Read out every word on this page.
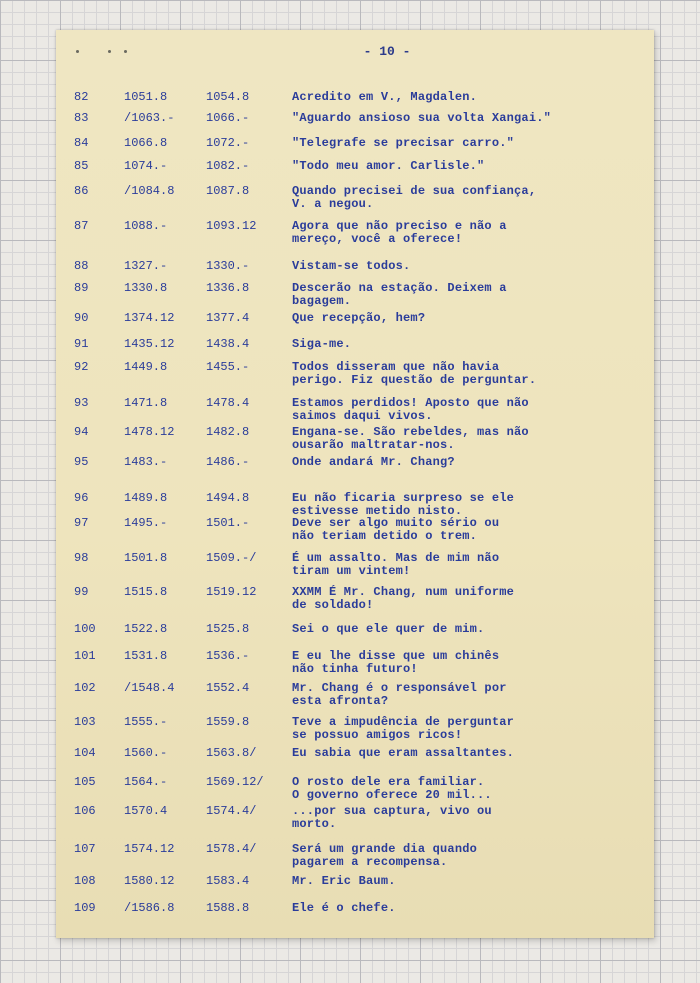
- 10 -
82	1051.8	1054.8	Acredito em V., Magdalen.
83	/1063.-	1066.-	"Aguardo ansioso sua volta Xangai."
84	1066.8	1072.-	"Telegrafe se precisar carro."
85	1074.-	1082.-	"Todo meu amor. Carlisle."
86	/1084.8	1087.8	Quando precisei de sua confiança,
V. a negou.
87	1088.-	1093.12	Agora que não preciso e não a
mereço, você a oferece!
88	1327.-	1330.-	Vistam-se todos.
89	1330.8	1336.8	Descerão na estação. Deixem a
bagagem.
90	1374.12	1377.4	Que recepção, hem?
91	1435.12	1438.4	Siga-me.
92	1449.8	1455.-	Todos disseram que não havia
perigo. Fiz questão de perguntar.
93	1471.8	1478.4	Estamos perdidos! Aposto que não
saimos daqui vivos.
94	1478.12	1482.8	Engana-se. São rebeldes, mas não
ousarão maltratar-nos.
95	1483.-	1486.-	Onde andará Mr. Chang?
96	1489.8	1494.8	Eu não ficaria surpreso se ele
estivesse metido nisto.
97	1495.-	1501.-	Deve ser algo muito sério ou
não teriam detido o trem.
98	1501.8	1509.-/	É um assalto. Mas de mim não
tiram um vintem!
99	1515.8	1519.12	XXMM É Mr. Chang, num uniforme
de soldado!
100 1522.8	1525.8	Sei o que ele quer de mim.
101 1531.8	1536.-	E eu lhe disse que um chinês
não tinha futuro!
102 /1548.4	1552.4	Mr. Chang é o responsável por
esta afronta?
103 1555.-	1559.8	Teve a impudência de perguntar
se possuo amigos ricos!
104 1560.-	1563.8/	Eu sabia que eram assaltantes.
105 1564.-	1569.12/ O rosto dele era familiar.
O governo oferece 20 mil...
106 1570.4	1574.4/	...por sua captura, vivo ou
morto.
107 1574.12	1578.4/	Será um grande dia quando
pagarem a recompensa.
108 1580.12	1583.4	Mr. Eric Baum.
109 /1586.8	1588.8	Ele é o chefe.
